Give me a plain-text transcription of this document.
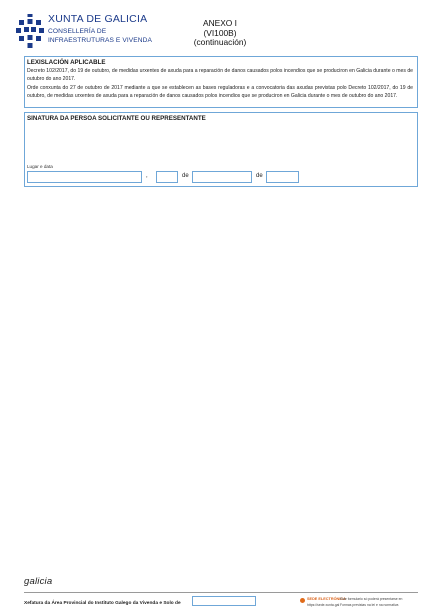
XUNTA DE GALICIA
CONSELLERÍA DE
INFRAESTRUTURAS E VIVENDA
ANEXO I
(VI100B)
(continuación)
LEXISLACIÓN APLICABLE
Decreto 102/2017, do 19 de outubro, de medidas urxentes de axuda para a reparación de danos causados polos incendios que se produciron en Galicia durante o mes de outubro do ano 2017.
Orde conxunta do 27 de outubro de 2017 mediante a que se establecen as bases reguladoras e a convocatoria das axudas previstas polo Decreto 102/2017, do 19 de outubro, de medidas urxentes de axuda para a reparación de danos causados polos incendios que se produciron en Galicia durante o mes de outubro do ano 2017.
SINATURA DA PERSOA SOLICITANTE OU REPRESENTANTE
Lugar e data
,	de	de
galicia
Xefatura da Área Provincial do Instituto Galego da Vivenda e Solo de
SEDE ELECTRÓNICA
Este formulario só poderá presentarse en
https://sede.xunta.gal Formas previstas na lei e na normativa
